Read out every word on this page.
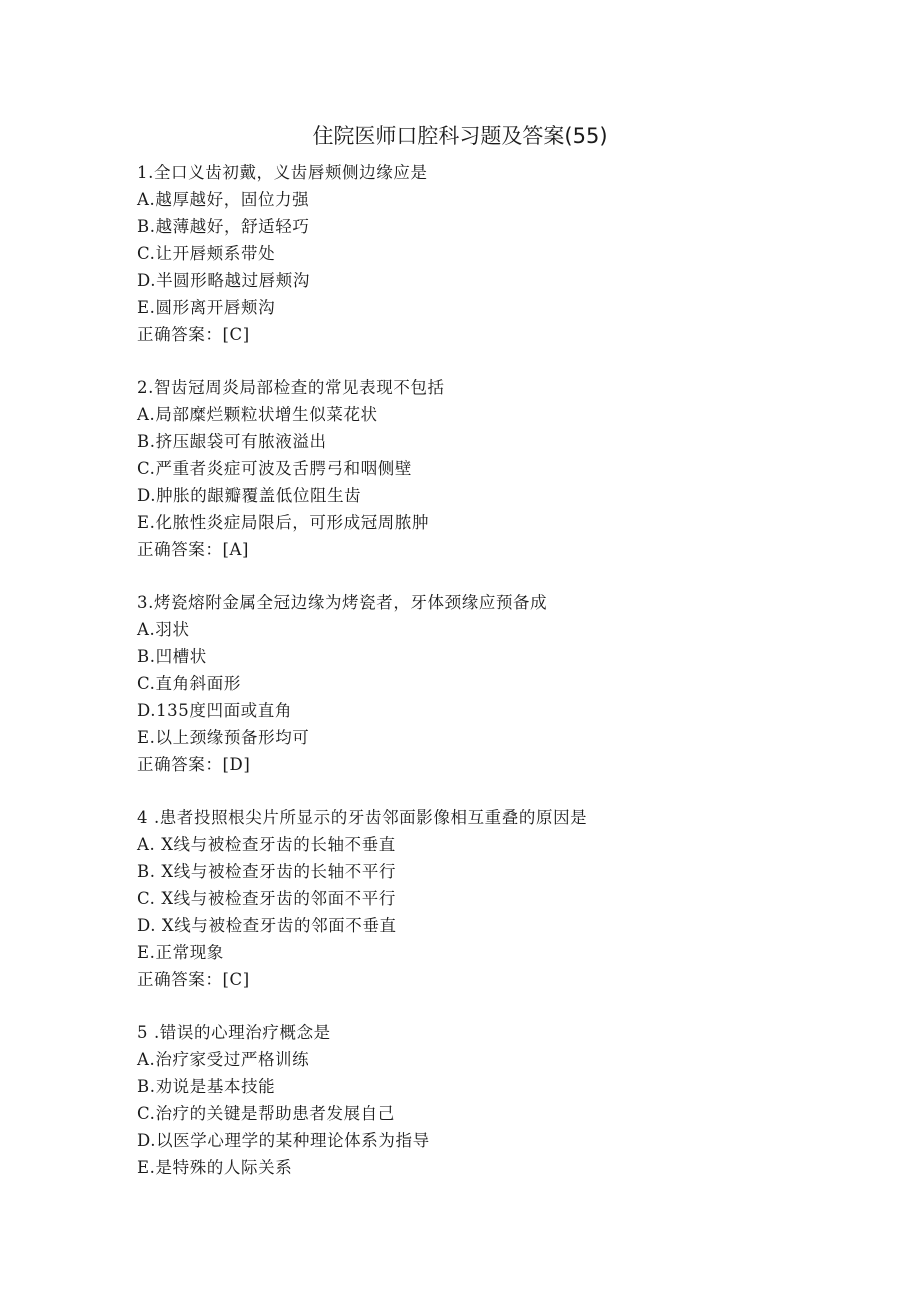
住院医师口腔科习题及答案(55)
1.全口义齿初戴，义齿唇颊侧边缘应是
A.越厚越好，固位力强
B.越薄越好，舒适轻巧
C.让开唇颊系带处
D.半圆形略越过唇颊沟
E.圆形离开唇颊沟
正确答案：[C]
2.智齿冠周炎局部检查的常见表现不包括
A.局部糜烂颗粒状增生似菜花状
B.挤压龈袋可有脓液溢出
C.严重者炎症可波及舌腭弓和咽侧壁
D.肿胀的龈瓣覆盖低位阻生齿
E.化脓性炎症局限后，可形成冠周脓肿
正确答案：[A]
3.烤瓷熔附金属全冠边缘为烤瓷者，牙体颈缘应预备成
A.羽状
B.凹槽状
C.直角斜面形
D.135度凹面或直角
E.以上颈缘预备形均可
正确答案：[D]
4 .患者投照根尖片所显示的牙齿邻面影像相互重叠的原因是
A. X线与被检查牙齿的长轴不垂直
B. X线与被检查牙齿的长轴不平行
C. X线与被检查牙齿的邻面不平行
D. X线与被检查牙齿的邻面不垂直
E.正常现象
正确答案：[C]
5 .错误的心理治疗概念是
A.治疗家受过严格训练
B.劝说是基本技能
C.治疗的关键是帮助患者发展自己
D.以医学心理学的某种理论体系为指导
E.是特殊的人际关系
